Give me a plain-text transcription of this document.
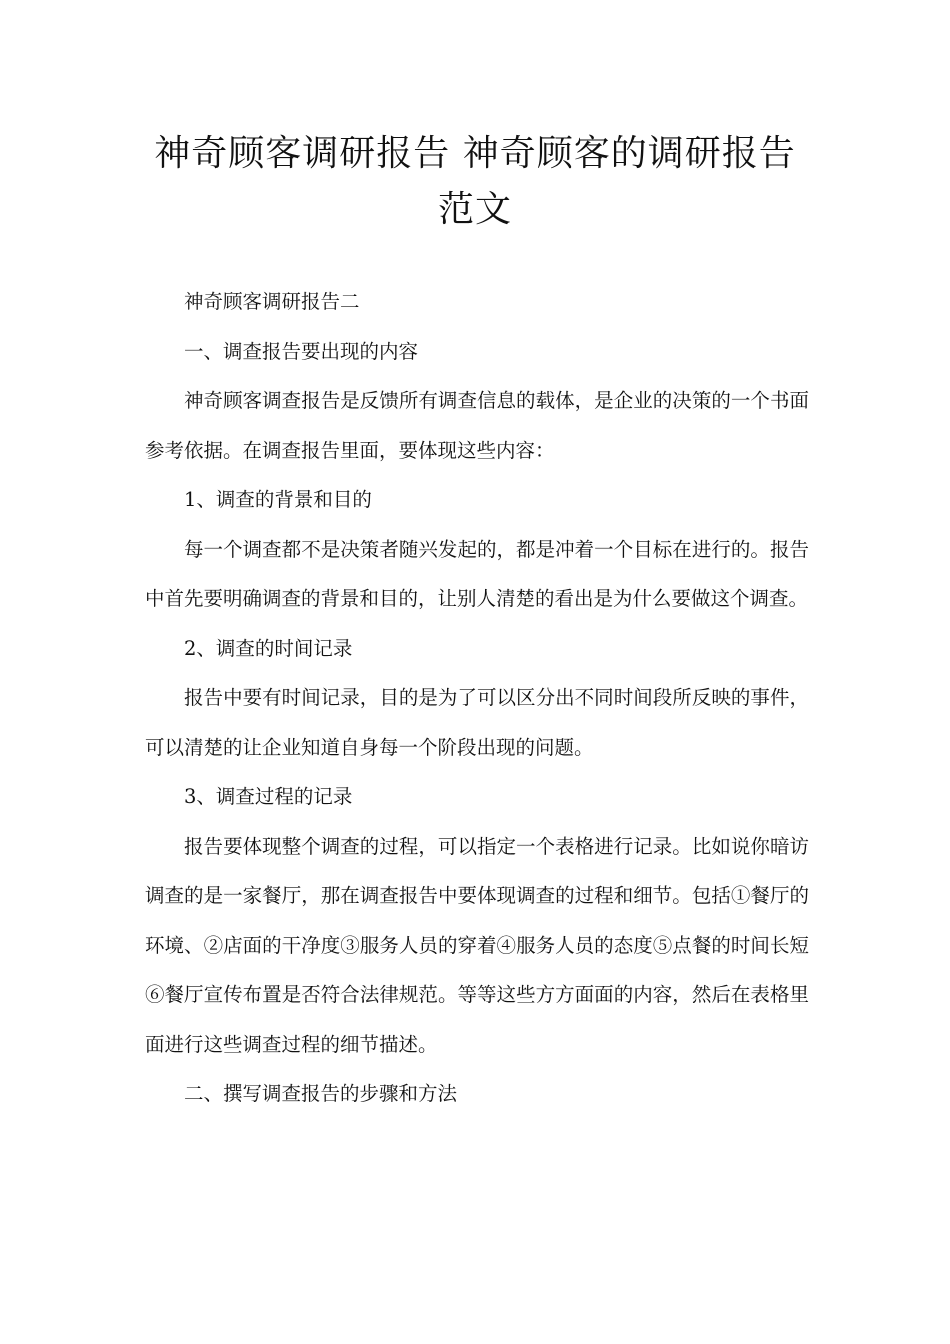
神奇顾客调研报告 神奇顾客的调研报告范文

神奇顾客调研报告二

一、调查报告要出现的内容

神奇顾客调查报告是反馈所有调查信息的载体，是企业的决策的一个书面参考依据。在调查报告里面，要体现这些内容：

1、调查的背景和目的

每一个调查都不是决策者随兴发起的，都是冲着一个目标在进行的。报告中首先要明确调查的背景和目的，让别人清楚的看出是为什么要做这个调查。

2、调查的时间记录

报告中要有时间记录，目的是为了可以区分出不同时间段所反映的事件，可以清楚的让企业知道自身每一个阶段出现的问题。

3、调查过程的记录

报告要体现整个调查的过程，可以指定一个表格进行记录。比如说你暗访调查的是一家餐厅，那在调查报告中要体现调查的过程和细节。包括①餐厅的环境、②店面的干净度③服务人员的穿着④服务人员的态度⑤点餐的时间长短⑥餐厅宣传布置是否符合法律规范。等等这些方方面面的内容，然后在表格里面进行这些调查过程的细节描述。

二、撰写调查报告的步骤和方法
